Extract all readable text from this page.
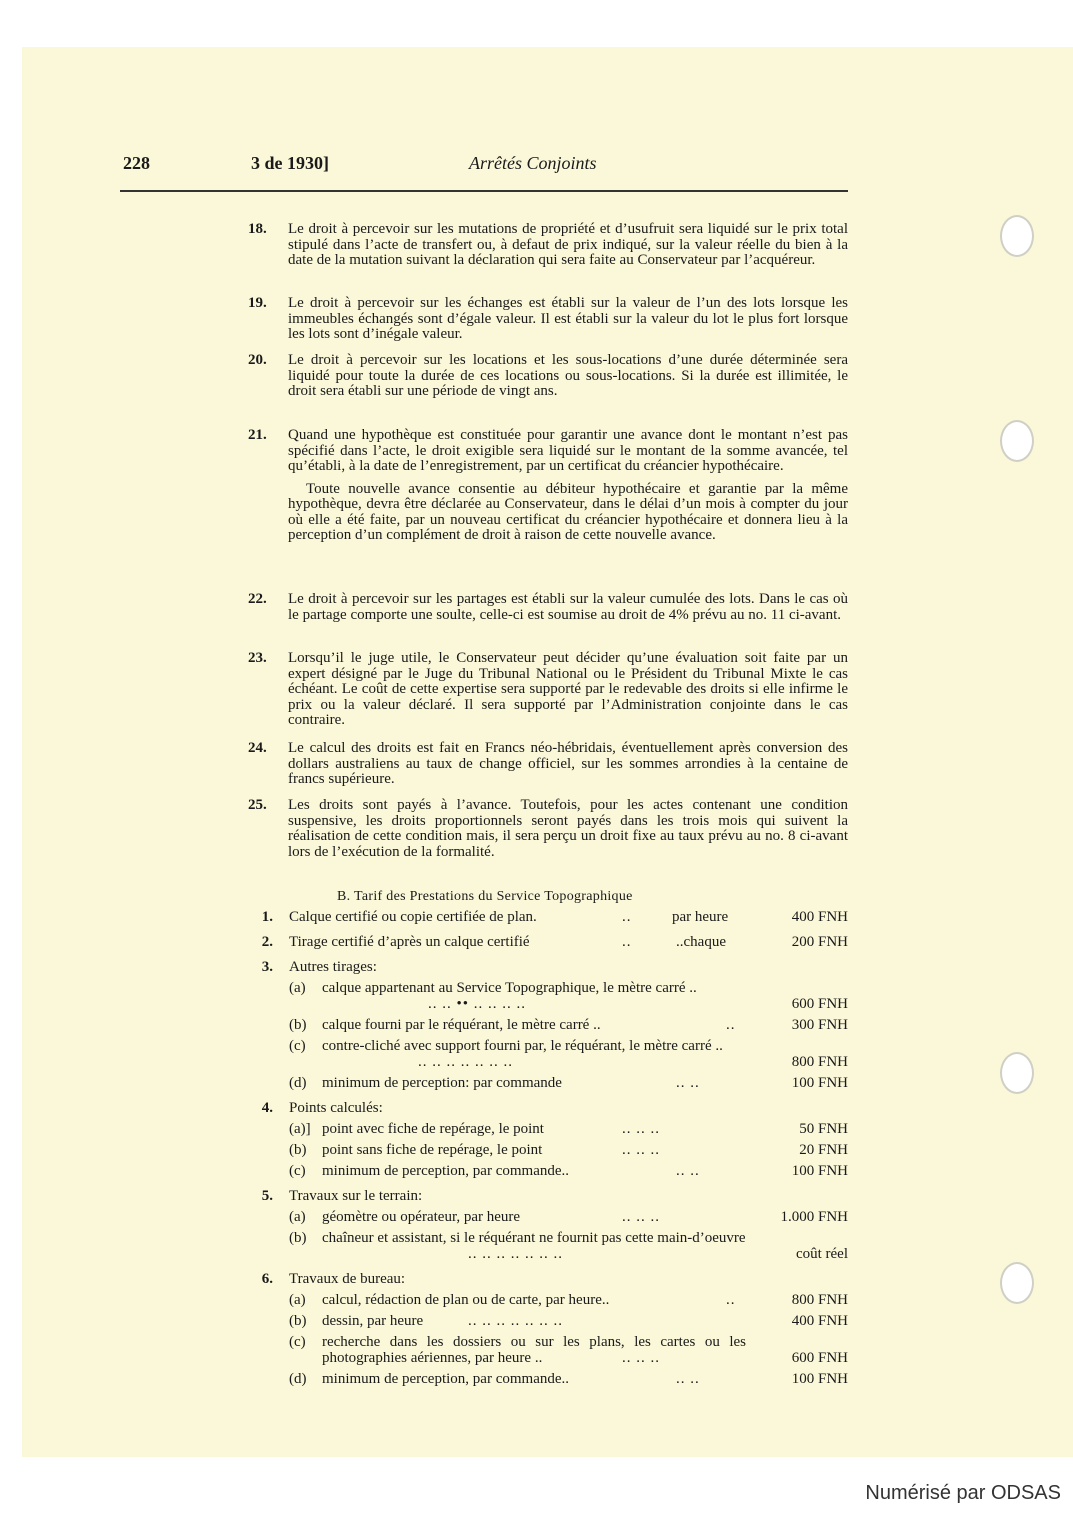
228	3 de 1930]	Arrêtés Conjoints
18. Le droit à percevoir sur les mutations de propriété et d’usufruit sera liquidé sur le prix total stipulé dans l’acte de transfert ou, à defaut de prix indiqué, sur la valeur réelle du bien à la date de la mutation suivant la déclaration qui sera faite au Conservateur par l’acquéreur.
19. Le droit à percevoir sur les échanges est établi sur la valeur de l’un des lots lorsque les immeubles échangés sont d’égale valeur. Il est établi sur la valeur du lot le plus fort lorsque les lots sont d’inégale valeur.
20. Le droit à percevoir sur les locations et les sous-locations d’une durée déterminée sera liquidé pour toute la durée de ces locations ou sous-locations. Si la durée est illimitée, le droit sera établi sur une période de vingt ans.
21. Quand une hypothèque est constituée pour garantir une avance dont le montant n’est pas spécifié dans l’acte, le droit exigible sera liquidé sur le montant de la somme avancée, tel qu’établi, à la date de l’enregistrement, par un certificat du créancier hypothécaire.
Toute nouvelle avance consentie au débiteur hypothécaire et garantie par la même hypothèque, devra être déclarée au Conservateur, dans le délai d’un mois à compter du jour où elle a été faite, par un nouveau certificat du créancier hypothécaire et donnera lieu à la perception d’un complément de droit à raison de cette nouvelle avance.
22. Le droit à percevoir sur les partages est établi sur la valeur cumulée des lots. Dans le cas où le partage comporte une soulte, celle-ci est soumise au droit de 4% prévu au no. 11 ci-avant.
23. Lorsqu’il le juge utile, le Conservateur peut décider qu’une évaluation soit faite par un expert désigné par le Juge du Tribunal National ou le Président du Tribunal Mixte le cas échéant. Le coût de cette expertise sera supporté par le redevable des droits si elle infirme le prix ou la valeur déclaré. Il sera supporté par l’Administration conjointe dans le cas contraire.
24. Le calcul des droits est fait en Francs néo-hébridais, éventuellement après conversion des dollars australiens au taux de change officiel, sur les sommes arrondies à la centaine de francs supérieure.
25. Les droits sont payés à l’avance. Toutefois, pour les actes contenant une condition suspensive, les droits proportionnels seront payés dans les trois mois qui suivent la réalisation de cette condition mais, il sera perçu un droit fixe au taux prévu au no. 8 ci-avant lors de l’exécution de la formalité.
B. Tarif des Prestations du Service Topographique
1. Calque certifié ou copie certifiée de plan.	..	par heure	400 FNH
2. Tirage certifié d’après un calque certifié	..	..chaque	200 FNH
3. Autres tirages:
(a) calque appartenant au Service Topographique, le mètre carré ..
.. .. •• .. .. .. ..	600 FNH
(b) calque fourni par le réquérant, le mètre carré ..	..	300 FNH
(c) contre-cliché avec support fourni par, le réquérant, le mètre carré ..
.. .. .. .. .. .. ..	800 FNH
(d) minimum de perception: par commande	.. ..	100 FNH
4. Points calculés:
(a)] point avec fiche de repérage, le point	.. .. ..	50 FNH
(b) point sans fiche de repérage, le point	.. .. ..	20 FNH
(c) minimum de perception, par commande..	.. ..	100 FNH
5. Travaux sur le terrain:
(a) géomètre ou opérateur, par heure	.. .. ..	1.000 FNH
(b) chaîneur et assistant, si le réquérant ne fournit pas cette main-d’oeuvre
.. .. .. .. .. .. ..	coût réel
6. Travaux de bureau:
(a) calcul, rédaction de plan ou de carte, par heure..	..	800 FNH
(b) dessin, par heure	.. .. .. .. .. .. ..	400 FNH
(c) recherche dans les dossiers ou sur les plans, les cartes ou les photographies aériennes, par heure ..	.. .. ..	600 FNH
(d) minimum de perception, par commande..	.. ..	100 FNH
Numérisé par ODSAS
